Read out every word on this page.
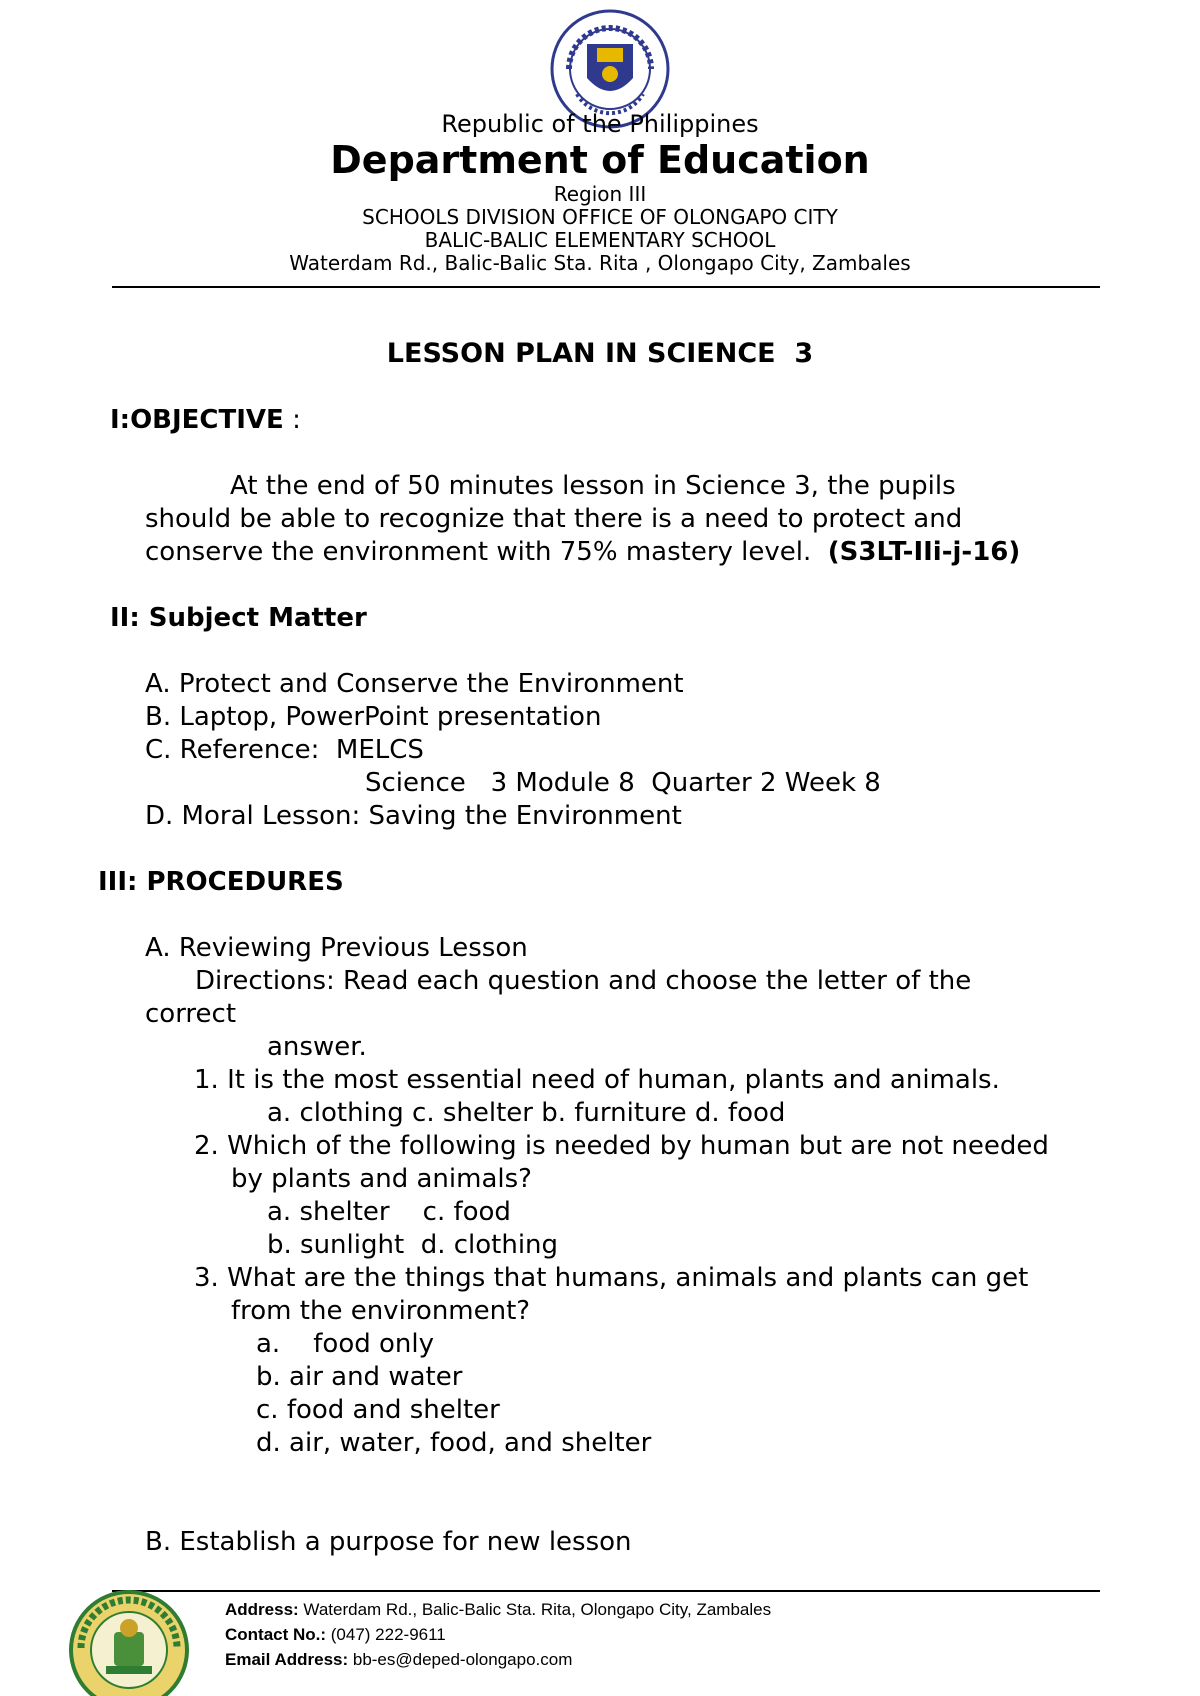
Republic of the Philippines
Department of Education
Region III
SCHOOLS DIVISION OFFICE OF OLONGAPO CITY
BALIC-BALIC ELEMENTARY SCHOOL
Waterdam Rd., Balic-Balic Sta. Rita , Olongapo City, Zambales
LESSON PLAN IN SCIENCE  3
I:OBJECTIVE :
At the end of 50 minutes lesson in Science 3, the pupils
should be able to recognize that there is a need to protect and
conserve the environment with 75% mastery level. (S3LT-IIi-j-16)
II: Subject Matter
A. Protect and Conserve the Environment
B. Laptop, PowerPoint presentation
C. Reference:  MELCS
Science   3 Module 8  Quarter 2 Week 8
D. Moral Lesson: Saving the Environment
III: PROCEDURES
A. Reviewing Previous Lesson
Directions: Read each question and choose the letter of the
correct
answer.
1. It is the most essential need of human, plants and animals.
a. clothing c. shelter b. furniture d. food
2. Which of the following is needed by human but are not needed
by plants and animals?
a. shelter    c. food
b. sunlight  d. clothing
3. What are the things that humans, animals and plants can get
from the environment?
a.    food only
b. air and water
c. food and shelter
d. air, water, food, and shelter
B. Establish a purpose for new lesson
Address: Waterdam Rd., Balic-Balic Sta. Rita, Olongapo City, Zambales
Contact No.: (047) 222-9611
Email Address: bb-es@deped-olongapo.com
